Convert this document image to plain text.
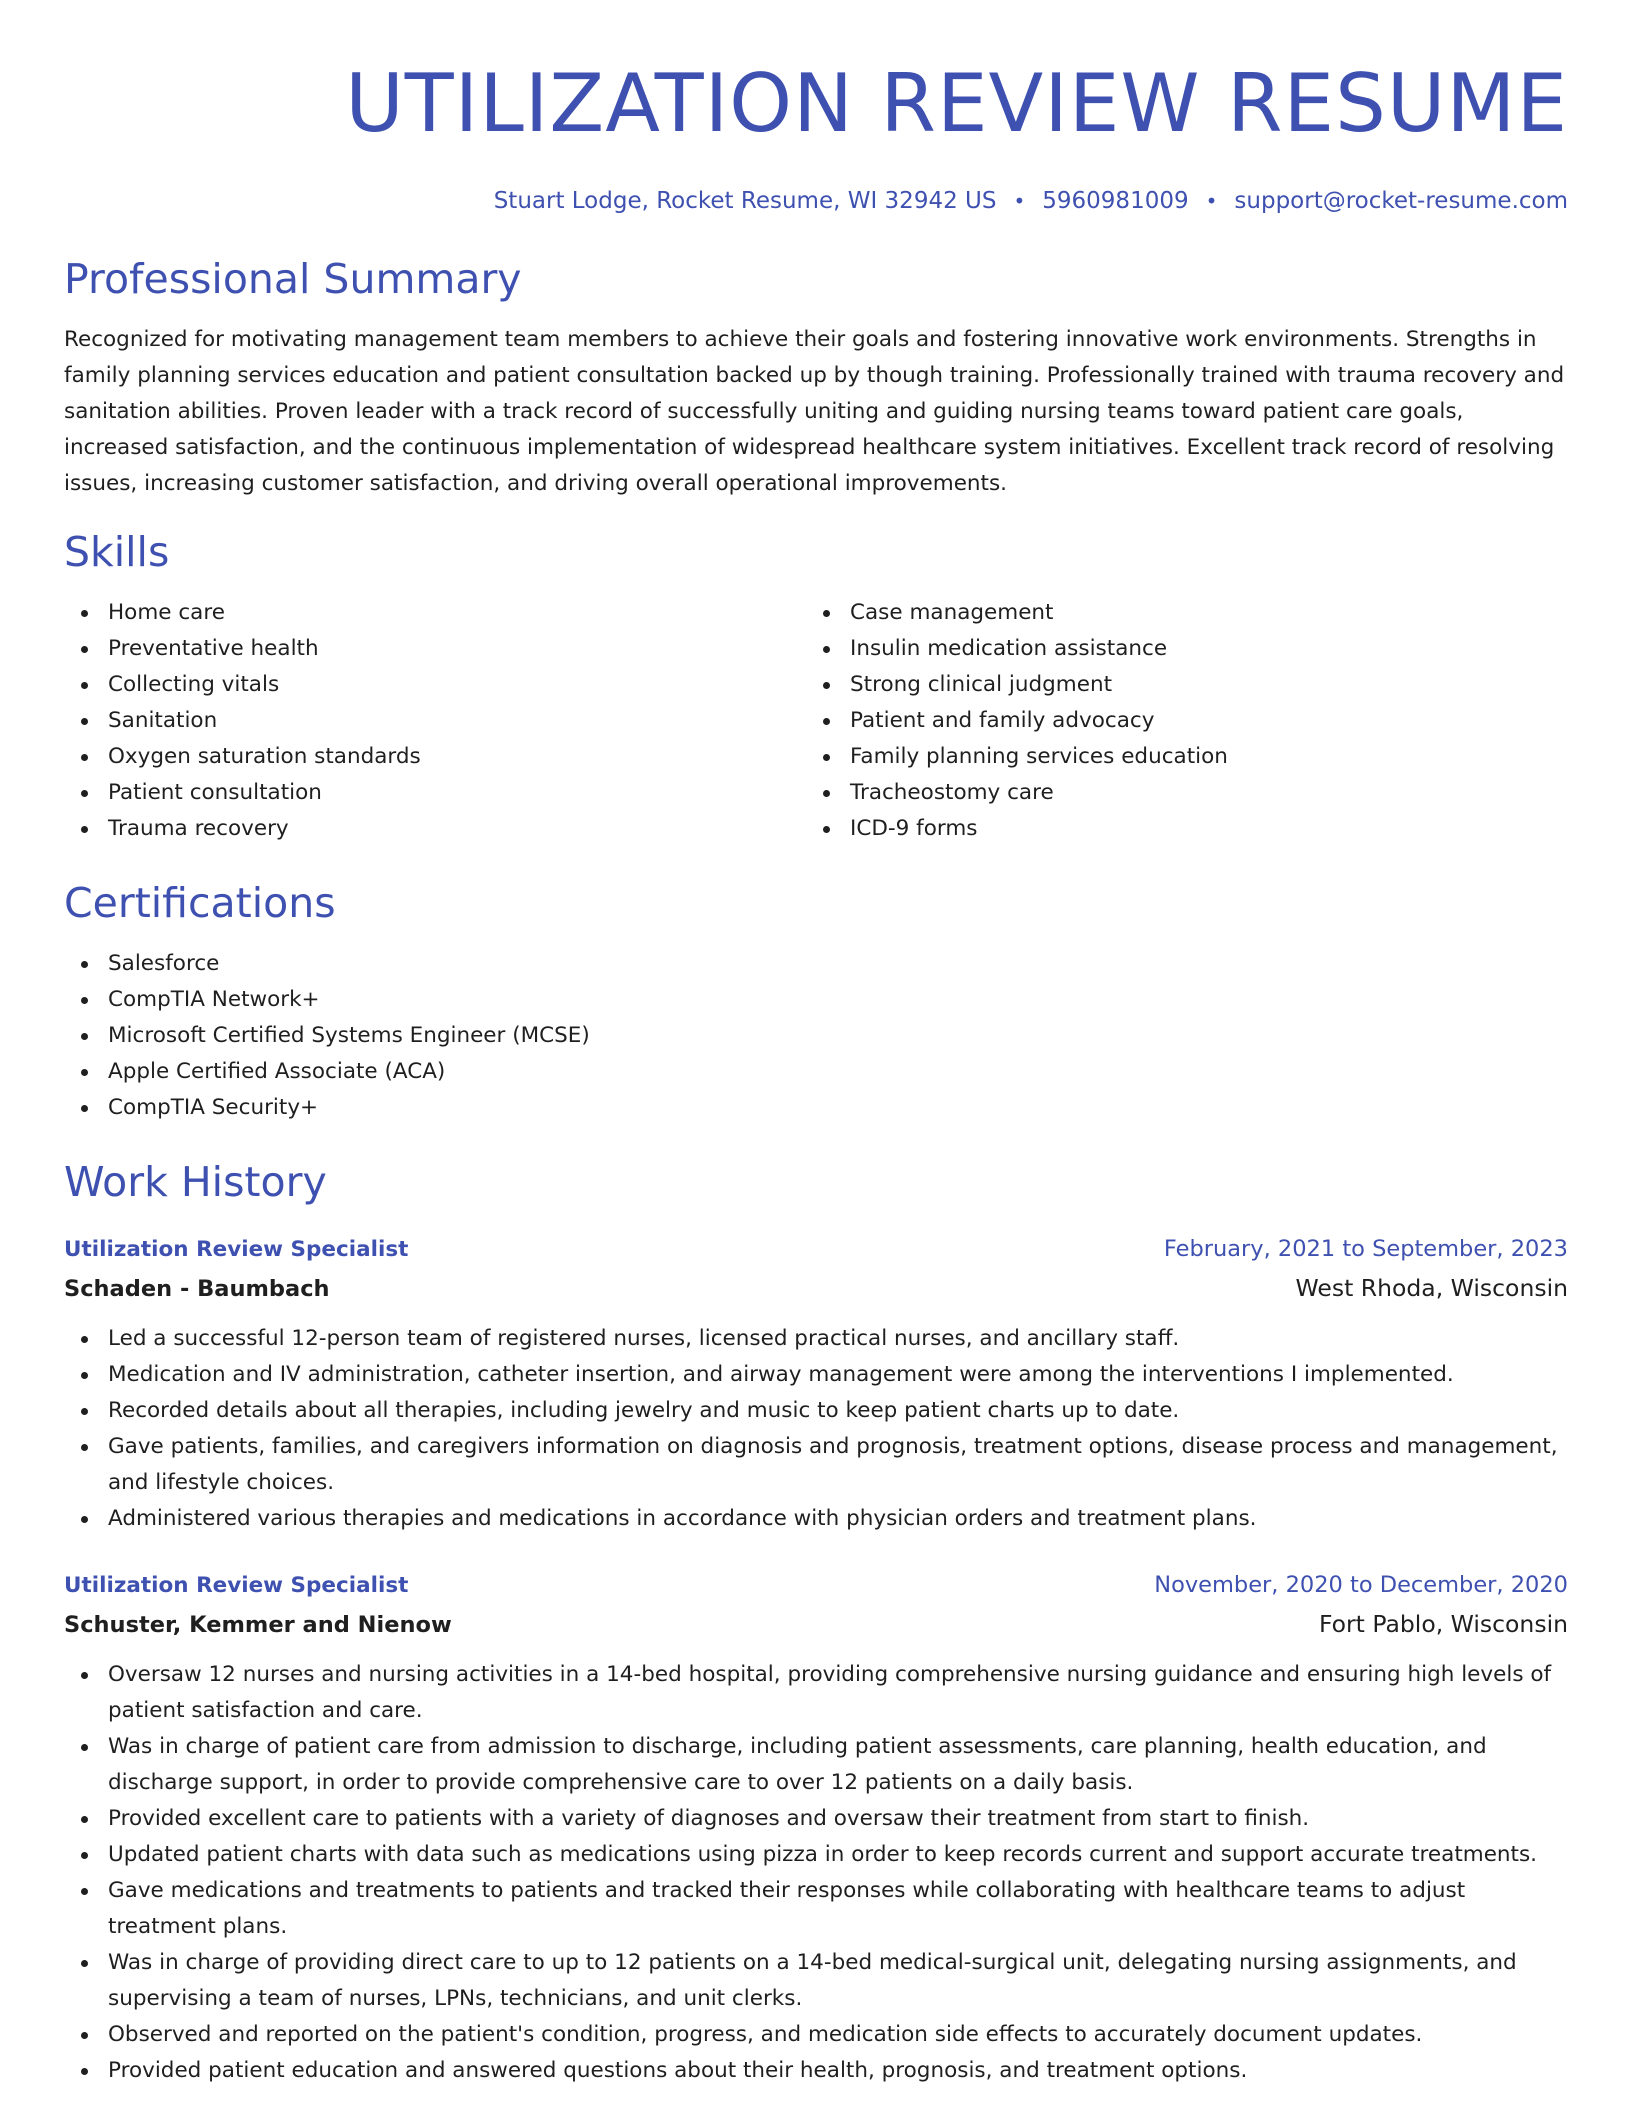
UTILIZATION REVIEW RESUME
Stuart Lodge, Rocket Resume, WI 32942 US • 5960981009 • support@rocket-resume.com
Professional Summary

Recognized for motivating management team members to achieve their goals and fostering innovative work environments. Strengths in family planning services education and patient consultation backed up by though training. Professionally trained with trauma recovery and sanitation abilities. Proven leader with a track record of successfully uniting and guiding nursing teams toward patient care goals, increased satisfaction, and the continuous implementation of widespread healthcare system initiatives. Excellent track record of resolving issues, increasing customer satisfaction, and driving overall operational improvements.

Skills
Home care
Preventative health
Collecting vitals
Sanitation
Oxygen saturation standards
Patient consultation
Trauma recovery
Case management
Insulin medication assistance
Strong clinical judgment
Patient and family advocacy
Family planning services education
Tracheostomy care
ICD-9 forms
Certifications
Salesforce
CompTIA Network+
Microsoft Certified Systems Engineer (MCSE)
Apple Certified Associate (ACA)
CompTIA Security+
Work History
Utilization Review Specialist	February, 2021 to September, 2023
Schaden - Baumbach	West Rhoda, Wisconsin
Led a successful 12-person team of registered nurses, licensed practical nurses, and ancillary staff.
Medication and IV administration, catheter insertion, and airway management were among the interventions I implemented.
Recorded details about all therapies, including jewelry and music to keep patient charts up to date.
Gave patients, families, and caregivers information on diagnosis and prognosis, treatment options, disease process and management, and lifestyle choices.
Administered various therapies and medications in accordance with physician orders and treatment plans.
Utilization Review Specialist	November, 2020 to December, 2020
Schuster, Kemmer and Nienow	Fort Pablo, Wisconsin
Oversaw 12 nurses and nursing activities in a 14-bed hospital, providing comprehensive nursing guidance and ensuring high levels of patient satisfaction and care.
Was in charge of patient care from admission to discharge, including patient assessments, care planning, health education, and discharge support, in order to provide comprehensive care to over 12 patients on a daily basis.
Provided excellent care to patients with a variety of diagnoses and oversaw their treatment from start to finish.
Updated patient charts with data such as medications using pizza in order to keep records current and support accurate treatments.
Gave medications and treatments to patients and tracked their responses while collaborating with healthcare teams to adjust treatment plans.
Was in charge of providing direct care to up to 12 patients on a 14-bed medical-surgical unit, delegating nursing assignments, and supervising a team of nurses, LPNs, technicians, and unit clerks.
Observed and reported on the patient's condition, progress, and medication side effects to accurately document updates.
Provided patient education and answered questions about their health, prognosis, and treatment options.
